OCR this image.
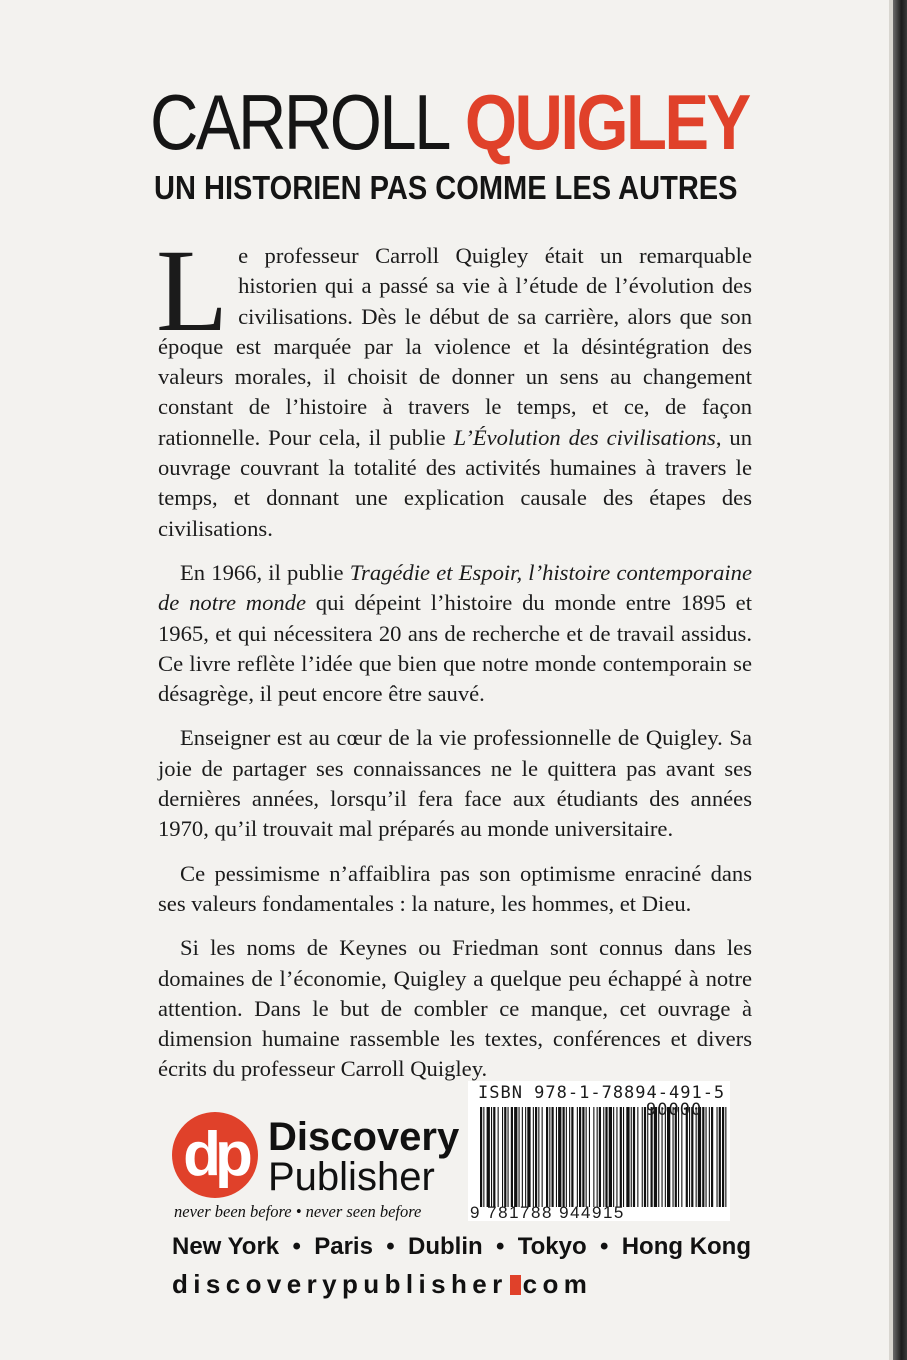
CARROLL QUIGLEY
UN HISTORIEN PAS COMME LES AUTRES

Le professeur Carroll Quigley était un remarquable historien qui a passé sa vie à l’étude de l’évolution des civilisations. Dès le début de sa carrière, alors que son époque est marquée par la violence et la désintégration des valeurs morales, il choisit de donner un sens au changement constant de l’histoire à travers le temps, et ce, de façon rationnelle. Pour cela, il publie L’Évolution des civilisations, un ouvrage couvrant la totalité des activités humaines à travers le temps, et donnant une explication causale des étapes des civilisations.

En 1966, il publie Tragédie et Espoir, l’histoire contemporaine de notre monde qui dépeint l’histoire du monde entre 1895 et 1965, et qui nécessitera 20 ans de recherche et de travail assidus. Ce livre reflète l’idée que bien que notre monde contemporain se désagrège, il peut encore être sauvé.

Enseigner est au cœur de la vie professionnelle de Quigley. Sa joie de partager ses connaissances ne le quittera pas avant ses dernières années, lorsqu’il fera face aux étudiants des années 1970, qu’il trouvait mal préparés au monde universitaire.

Ce pessimisme n’affaiblira pas son optimisme enraciné dans ses valeurs fondamentales : la nature, les hommes, et Dieu.

Si les noms de Keynes ou Friedman sont connus dans les domaines de l’économie, Quigley a quelque peu échappé à notre attention. Dans le but de combler ce manque, cet ouvrage à dimension humaine rassemble les textes, conférences et divers écrits du professeur Carroll Quigley.

ISBN 978-1-78894-491-5
9 781788 944915
90000
dp Discovery
Publisher
never been before • never seen before
New York  •  Paris  •  Dublin  •  Tokyo  •  Hong Kong
discoverypublisher com
